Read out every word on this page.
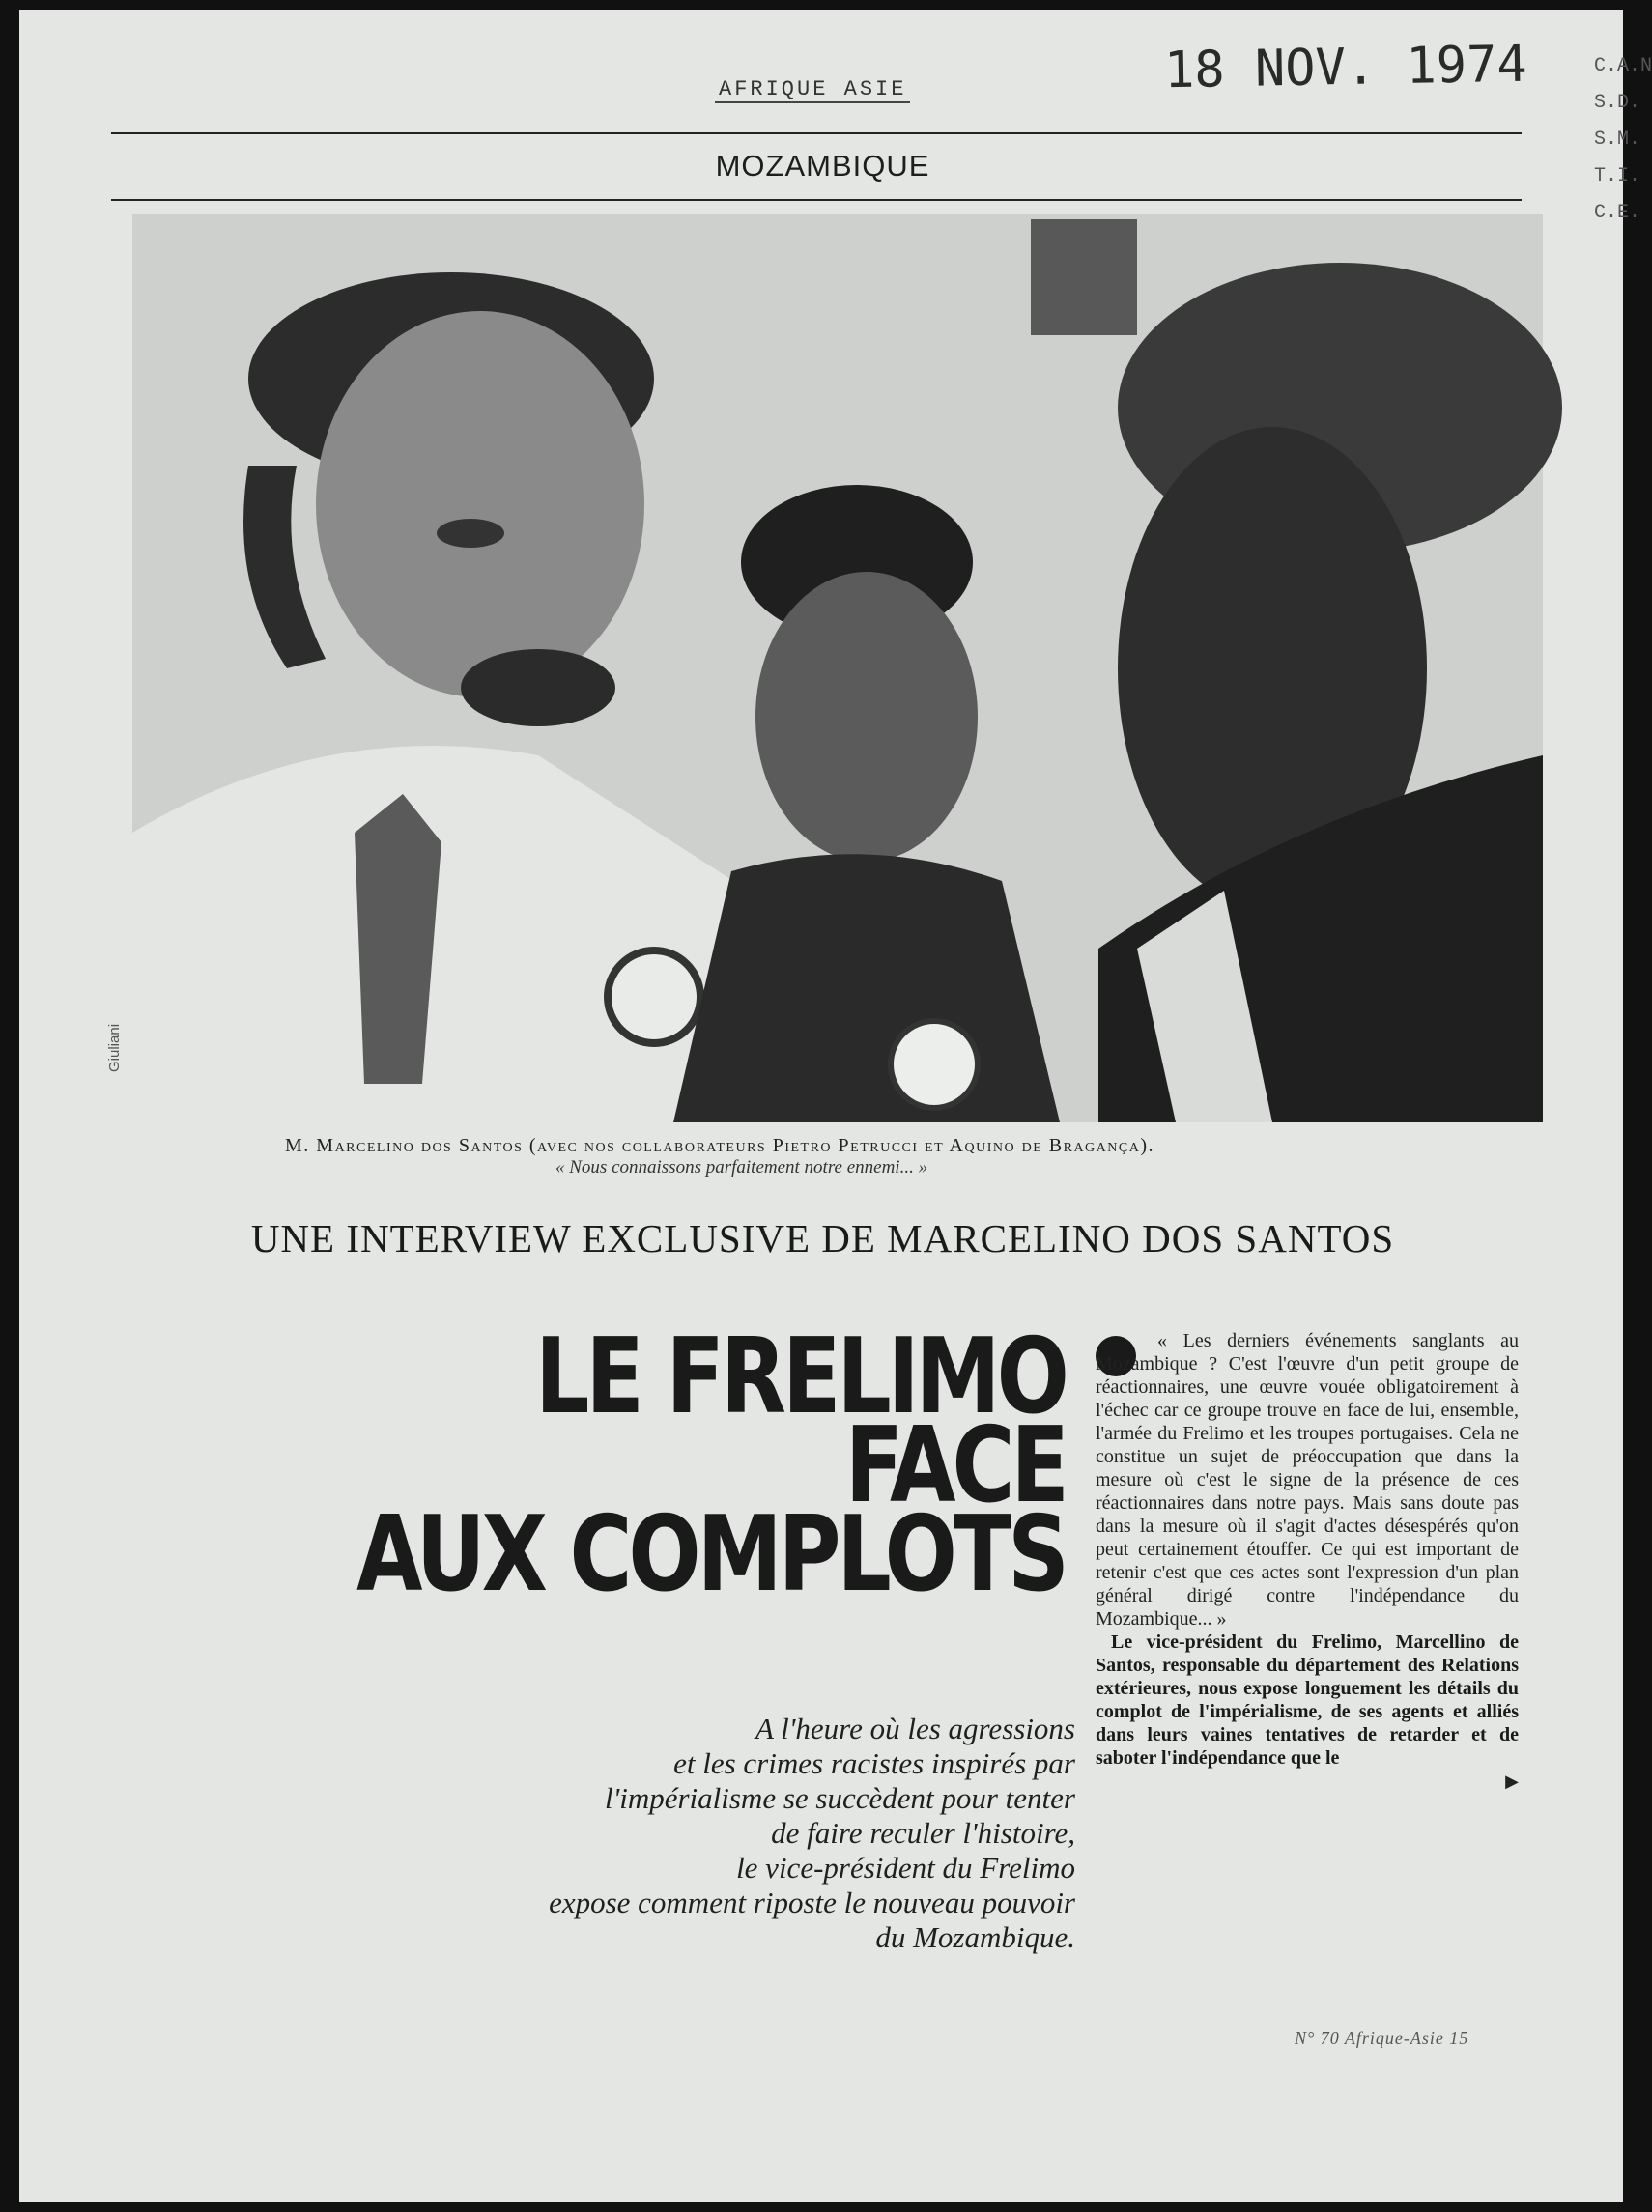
AFRIQUE ASIE	18 NOV. 1974	C.A.N
S.D.
S.M.
T.I.
C.E.
MOZAMBIQUE
Giuliani
M. Marcelino dos Santos (avec nos collaborateurs Pietro Petrucci et Aquino de Bragança).
« Nous connaissons parfaitement notre ennemi... »
UNE INTERVIEW EXCLUSIVE DE MARCELINO DOS SANTOS
LE FRELIMO
FACE
AUX COMPLOTS
A l'heure où les agressions
et les crimes racistes inspirés par
l'impérialisme se succèdent pour tenter
de faire reculer l'histoire,
le vice-président du Frelimo
expose comment riposte le nouveau pouvoir
du Mozambique.

« Les derniers événements sanglants au Mozambique ? C'est l'œuvre d'un petit groupe de réactionnaires, une œuvre vouée obligatoirement à l'échec car ce groupe trouve en face de lui, ensemble, l'armée du Frelimo et les troupes portugaises. Cela ne constitue un sujet de préoccupation que dans la mesure où c'est le signe de la présence de ces réactionnaires dans notre pays. Mais sans doute pas dans la mesure où il s'agit d'actes désespérés qu'on peut certainement étouffer. Ce qui est important de retenir c'est que ces actes sont l'expression d'un plan général dirigé contre l'indépendance du Mozambique... »

Le vice-président du Frelimo, Marcellino de Santos, responsable du département des Relations extérieures, nous expose longuement les détails du complot de l'impérialisme, de ses agents et alliés dans leurs vaines tentatives de retarder et de saboter l'indépendance que le

▶
N° 70 Afrique-Asie 15
